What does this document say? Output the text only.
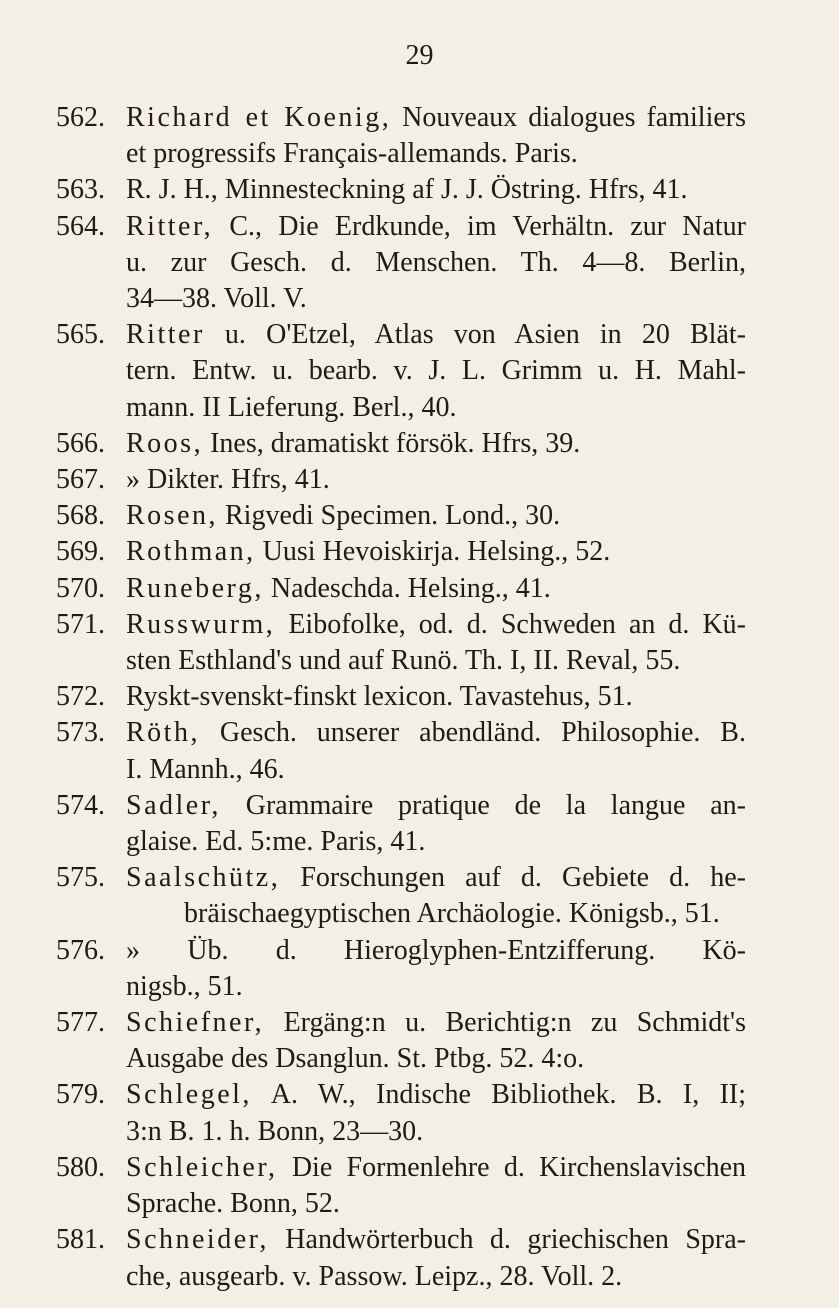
29
562. Richard et Koenig, Nouveaux dialogues familiers
et progressifs Français-allemands. Paris.
563. R. J. H., Minnesteckning af J. J. Östring. Hfrs, 41.
564. Ritter, C., Die Erdkunde, im Verhältn. zur Natur
u. zur Gesch. d. Menschen. Th. 4—8. Berlin,
34—38. Voll. V.
565. Ritter u. O'Etzel, Atlas von Asien in 20 Blät-
tern. Entw. u. bearb. v. J. L. Grimm u. H. Mahl-
mann. II Lieferung. Berl., 40.
566. Roos, Ines, dramatiskt försök. Hfrs, 39.
567. » Dikter. Hfrs, 41.
568. Rosen, Rigvedi Specimen. Lond., 30.
569. Rothman, Uusi Hevoiskirja. Helsing., 52.
570. Runeberg, Nadeschda. Helsing., 41.
571. Russwurm, Eibofolke, od. d. Schweden an d. Kü-
sten Esthland's und auf Runö. Th. I, II. Reval, 55.
572. Ryskt-svenskt-finskt lexicon. Tavastehus, 51.
573. Röth, Gesch. unserer abendländ. Philosophie. B.
I. Mannh., 46.
574. Sadler, Grammaire pratique de la langue an-
glaise. Ed. 5:me. Paris, 41.
575. Saalschütz, Forschungen auf d. Gebiete d. he-
bräischaegyptischen Archäologie. Königsb., 51.
576. » Üb. d. Hieroglyphen-Entzifferung. Kö-
nigsb., 51.
577. Schiefner, Ergäng:n u. Berichtig:n zu Schmidt's
Ausgabe des Dsanglun. St. Ptbg. 52. 4:o.
579. Schlegel, A. W., Indische Bibliothek. B. I, II;
3:n B. 1. h. Bonn, 23—30.
580. Schleicher, Die Formenlehre d. Kirchenslavischen
Sprache. Bonn, 52.
581. Schneider, Handwörterbuch d. griechischen Spra-
che, ausgearb. v. Passow. Leipz., 28. Voll. 2.
